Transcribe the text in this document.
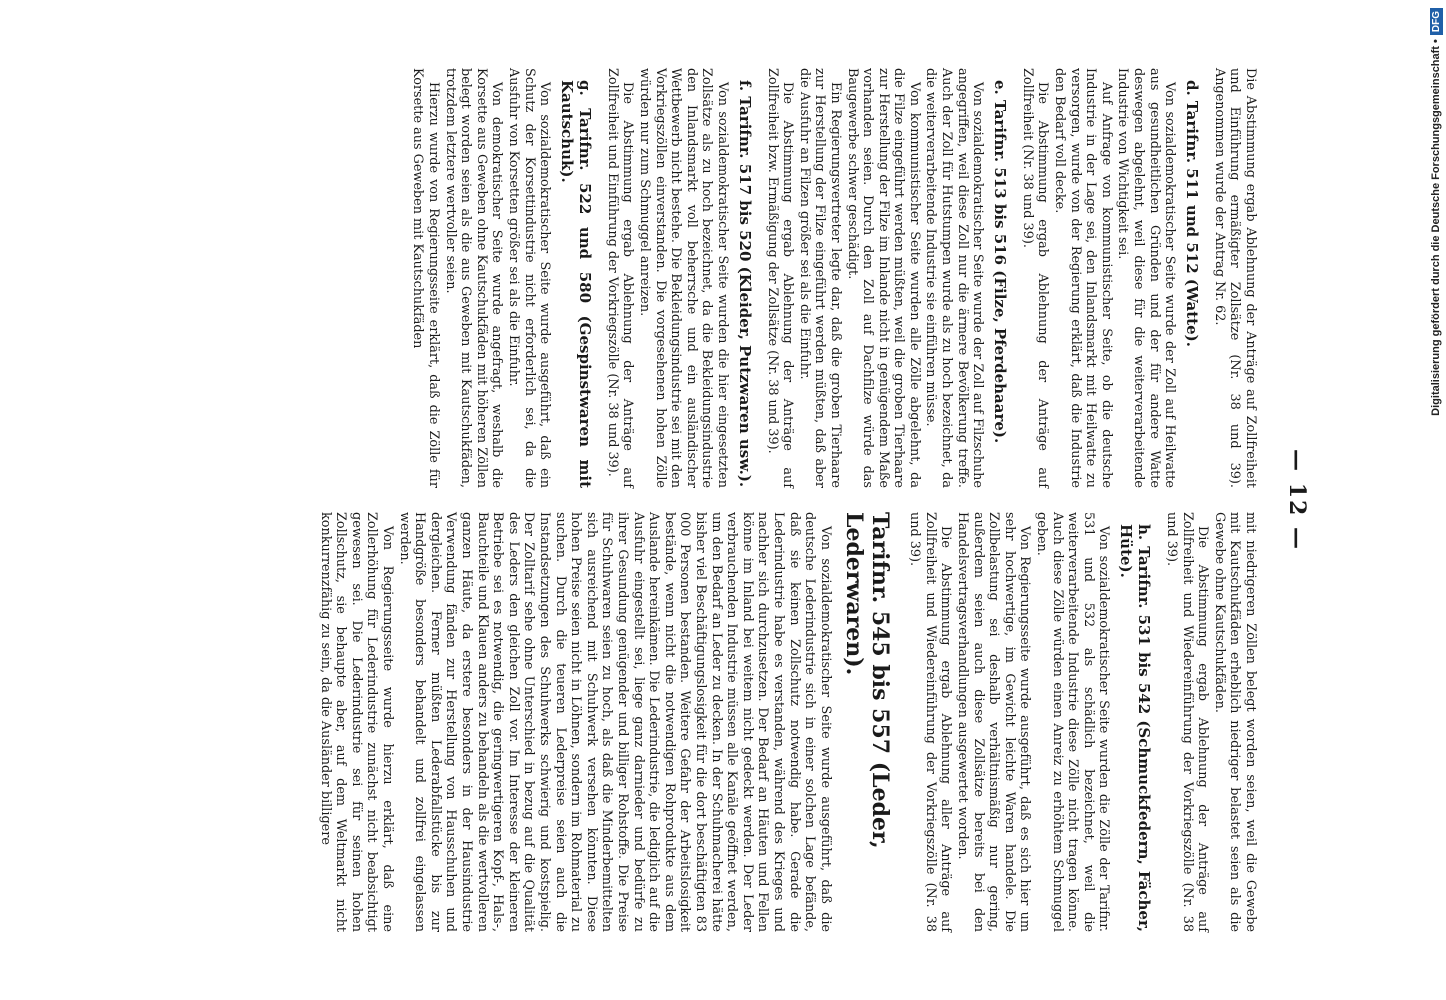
— 12 —

Die Abstimmung ergab Ablehnung der Anträge auf Zollfreiheit und Einführung ermäßigter Zollsätze (Nr. 38 und 39). Angenommen wurde der Antrag Nr. 62.

d. Tarifnr. 511 und 512 (Watte).

Von sozialdemokratischer Seite wurde der Zoll auf Heilwatte aus gesundheitlichen Gründen und der für andere Watte deswegen abgelehnt, weil diese für die weiterverarbeitende Industrie von Wichtigkeit sei.

Auf Anfrage von kommunistischer Seite, ob die deutsche Industrie in der Lage sei, den Inlandsmarkt mit Heilwatte zu versorgen, wurde von der Regierung erklärt, daß die Industrie den Bedarf voll decke.

Die Abstimmung ergab Ablehnung der Anträge auf Zollfreiheit (Nr. 38 und 39).

e. Tarifnr. 513 bis 516 (Filze, Pferdehaare).

Von sozialdemokratischer Seite wurde der Zoll auf Filzschuhe angegriffen, weil diese Zoll nur die ärmere Bevölkerung treffe. Auch der Zoll für Hutstumpen wurde als zu hoch bezeichnet, da die weiterverarbeitende Industrie sie einführen müsse.

Von kommunistischer Seite wurden alle Zölle abgelehnt, da die Filze eingeführt werden müßten, weil die groben Tierhaare zur Herstellung der Filze im Inlande nicht in genügendem Maße vorhanden seien. Durch den Zoll auf Dachfilze würde das Baugewerbe schwer geschädigt.

Ein Regierungsvertreter legte dar, daß die groben Tierhaare zur Herstellung der Filze eingeführt werden müßten, daß aber die Ausfuhr an Filzen größer sei als die Einfuhr.

Die Abstimmung ergab Ablehnung der Anträge auf Zollfreiheit bzw. Ermäßigung der Zollsätze (Nr. 38 und 39).

f. Tarifnr. 517 bis 520 (Kleider, Putzwaren usw.).

Von sozialdemokratischer Seite wurden die hier eingesetzten Zollsätze als zu hoch bezeichnet, da die Bekleidungsindustrie den Inlandsmarkt voll beherrsche und ein ausländischer Wettbewerb nicht bestehe. Die Bekleidungsindustrie sei mit den Vorkriegszöllen einverstanden. Die vorgesehenen hohen Zölle würden nur zum Schmuggel anreizen.

Die Abstimmung ergab Ablehnung der Anträge auf Zollfreiheit und Einführung der Vorkriegszölle (Nr. 38 und 39).

g. Tarifnr. 522 und 580 (Gespinstwaren mit Kautschuk).

Von sozialdemokratischer Seite wurde ausgeführt, daß ein Schutz der Korsettindustrie nicht erforderlich sei, da die Ausfuhr von Korsetten größer sei als die Einfuhr.

Von demokratischer Seite wurde angefragt, weshalb die Korsette aus Geweben ohne Kautschukfäden mit höheren Zöllen belegt worden seien als die aus Geweben mit Kautschukfäden, trotzdem letztere wertvoller seien.

Hierzu wurde von Regierungsseite erklärt, daß die Zölle für Korsette aus Geweben mit Kautschukfäden

mit niedrigeren Zöllen belegt worden seien, weil die Gewebe mit Kautschukfäden erheblich niedriger belastet seien als die Gewebe ohne Kautschukfäden.

Die Abstimmung ergab Ablehnung der Anträge auf Zollfreiheit und Wiedereinführung der Vorkriegszölle (Nr. 38 und 39).

h. Tarifnr. 531 bis 542 (Schmuckfedern, Fächer, Hüte).

Von sozialdemokratischer Seite wurden die Zölle der Tarifnr. 531 und 532 als schädlich bezeichnet, weil die weiterverarbeitende Industrie diese Zölle nicht tragen könne. Auch diese Zölle würden einen Anreiz zu erhöhtem Schmuggel geben.

Von Regierungsseite wurde ausgeführt, daß es sich hier um sehr hochwertige, im Gewicht leichte Waren handele. Die Zollbelastung sei deshalb verhältnismäßig nur gering, außerdem seien auch diese Zollsätze bereits bei den Handelsvertragsverhandlungen ausgewertet worden.

Die Abstimmung ergab Ablehnung aller Anträge auf Zollfreiheit und Wiedereinführung der Vorkriegszölle (Nr. 38 und 39).

Tarifnr. 545 bis 557 (Leder, Lederwaren).

Von sozialdemokratischer Seite wurde ausgeführt, daß die deutsche Lederindustrie sich in einer solchen Lage befände, daß sie keinen Zollschutz notwendig habe. Gerade die Lederindustrie habe es verstanden, während des Krieges und nachher sich durchzusetzen. Der Bedarf an Häuten und Fellen könne im Inland bei weitem nicht gedeckt werden. Der Leder verbrauchenden Industrie müssen alle Kanäle geöffnet werden, um den Bedarf an Leder zu decken. In der Schuhmacherei hätte bisher viel Beschäftigungslosigkeit für die dort beschäftigten 83 000 Personen bestanden. Weitere Gefahr der Arbeitslosigkeit bestände, wenn nicht die notwendigen Rohprodukte aus dem Auslande hereinkämen. Die Lederindustrie, die lediglich auf die Ausfuhr eingestellt sei, liege ganz darnieder und bedürfe zu ihrer Gesundung genügender und billiger Rohstoffe. Die Preise für Schuhwaren seien zu hoch, als daß die Minderbemittelten sich ausreichend mit Schuhwerk versehen könnten. Diese hohen Preise seien nicht in Löhnen, sondern im Rohmaterial zu suchen. Durch die teueren Lederpreise seien auch die Instandsetzungen des Schuhwerks schwierig und kostspielig. Der Zolltarif sehe ohne Unterschied in bezug auf die Qualität des Leders den gleichen Zoll vor. Im Interesse der kleineren Betriebe sei es notwendig, die geringwertigeren Kopf-, Hals-, Bauchteile und Klauen anders zu behandeln als die wertvolleren ganzen Häute, da erstere besonders in der Hausindustrie Verwendung fänden zur Herstellung von Hausschuhen und dergleichen. Ferner müßten Lederabfallstücke bis zur Handgröße besonders behandelt und zollfrei eingelassen werden.

Von Regierungsseite wurde hierzu erklärt, daß eine Zollerhöhung für Lederindustrie zunächst nicht beabsichtigt gewesen sei. Die Lederindustrie sei für seinen hohen Zollschutz, sie behaupte aber, auf dem Weltmarkt nicht konkurrenzfähig zu sein, da die Ausländer billigere

Digitalisierung gefördert durch die Deutsche Forschungsgemeinschaft •DFG
